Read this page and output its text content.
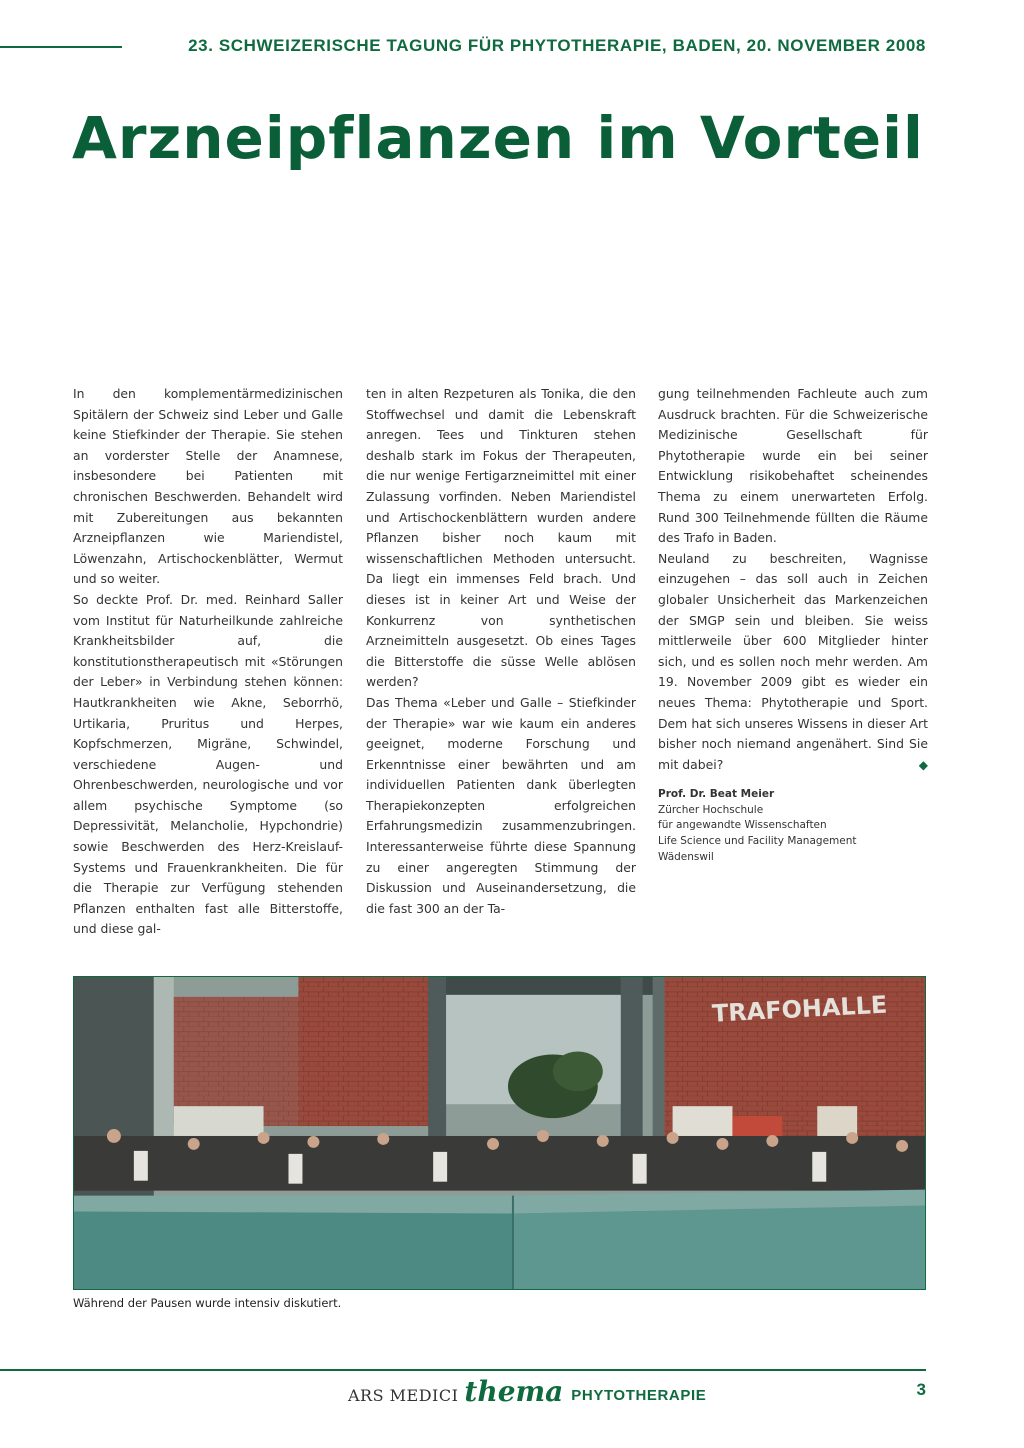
23. SCHWEIZERISCHE TAGUNG FÜR PHYTOTHERAPIE, BADEN, 20. NOVEMBER 2008
Arzneipflanzen im Vorteil

In den komplementärmedizinischen Spitälern der Schweiz sind Leber und Galle keine Stiefkinder der Therapie. Sie stehen an vorderster Stelle der Anamnese, insbesondere bei Patienten mit chronischen Beschwerden. Behandelt wird mit Zubereitungen aus bekannten Arzneipflanzen wie Mariendistel, Löwenzahn, Artischockenblätter, Wermut und so weiter.

So deckte Prof. Dr. med. Reinhard Saller vom Institut für Naturheilkunde zahlreiche Krankheitsbilder auf, die konstitutionstherapeutisch mit «Störungen der Leber» in Verbindung stehen können: Hautkrankheiten wie Akne, Seborrhö, Urtikaria, Pruritus und Herpes, Kopfschmerzen, Migräne, Schwindel, verschiedene Augen- und Ohrenbeschwerden, neurologische und vor allem psychische Symptome (so Depressivität, Melancholie, Hypchondrie) sowie Beschwerden des Herz-Kreislauf-Systems und Frauenkrankheiten. Die für die Therapie zur Verfügung stehenden Pflanzen enthalten fast alle Bitterstoffe, und diese gal-

ten in alten Rezpeturen als Tonika, die den Stoffwechsel und damit die Lebenskraft anregen. Tees und Tinkturen stehen deshalb stark im Fokus der Therapeuten, die nur wenige Fertigarzneimittel mit einer Zulassung vorfinden. Neben Mariendistel und Artischockenblättern wurden andere Pflanzen bisher noch kaum mit wissenschaftlichen Methoden untersucht. Da liegt ein immenses Feld brach. Und dieses ist in keiner Art und Weise der Konkurrenz von synthetischen Arzneimitteln ausgesetzt. Ob eines Tages die Bitterstoffe die süsse Welle ablösen werden?

Das Thema «Leber und Galle – Stiefkinder der Therapie» war wie kaum ein anderes geeignet, moderne Forschung und Erkenntnisse einer bewährten und am individuellen Patienten dank überlegten Therapiekonzepten erfolgreichen Erfahrungsmedizin zusammenzubringen. Interessanterweise führte diese Spannung zu einer angeregten Stimmung der Diskussion und Auseinandersetzung, die die fast 300 an der Ta-

gung teilnehmenden Fachleute auch zum Ausdruck brachten. Für die Schweizerische Medizinische Gesellschaft für Phytotherapie wurde ein bei seiner Entwicklung risikobehaftet scheinendes Thema zu einem unerwarteten Erfolg. Rund 300 Teilnehmende füllten die Räume des Trafo in Baden.

Neuland zu beschreiten, Wagnisse einzugehen – das soll auch in Zeichen globaler Unsicherheit das Markenzeichen der SMGP sein und bleiben. Sie weiss mittlerweile über 600 Mitglieder hinter sich, und es sollen noch mehr werden. Am 19. November 2009 gibt es wieder ein neues Thema: Phytotherapie und Sport. Dem hat sich unseres Wissens in dieser Art bisher noch niemand angenähert. Sind Sie mit dabei?	◆

Prof. Dr. Beat Meier
Zürcher Hochschule
für angewandte Wissenschaften
Life Science und Facility Management
Wädenswil
TRAFOHALLE
Während der Pausen wurde intensiv diskutiert.
ARS MEDICI thema PHYTOTHERAPIE	3
